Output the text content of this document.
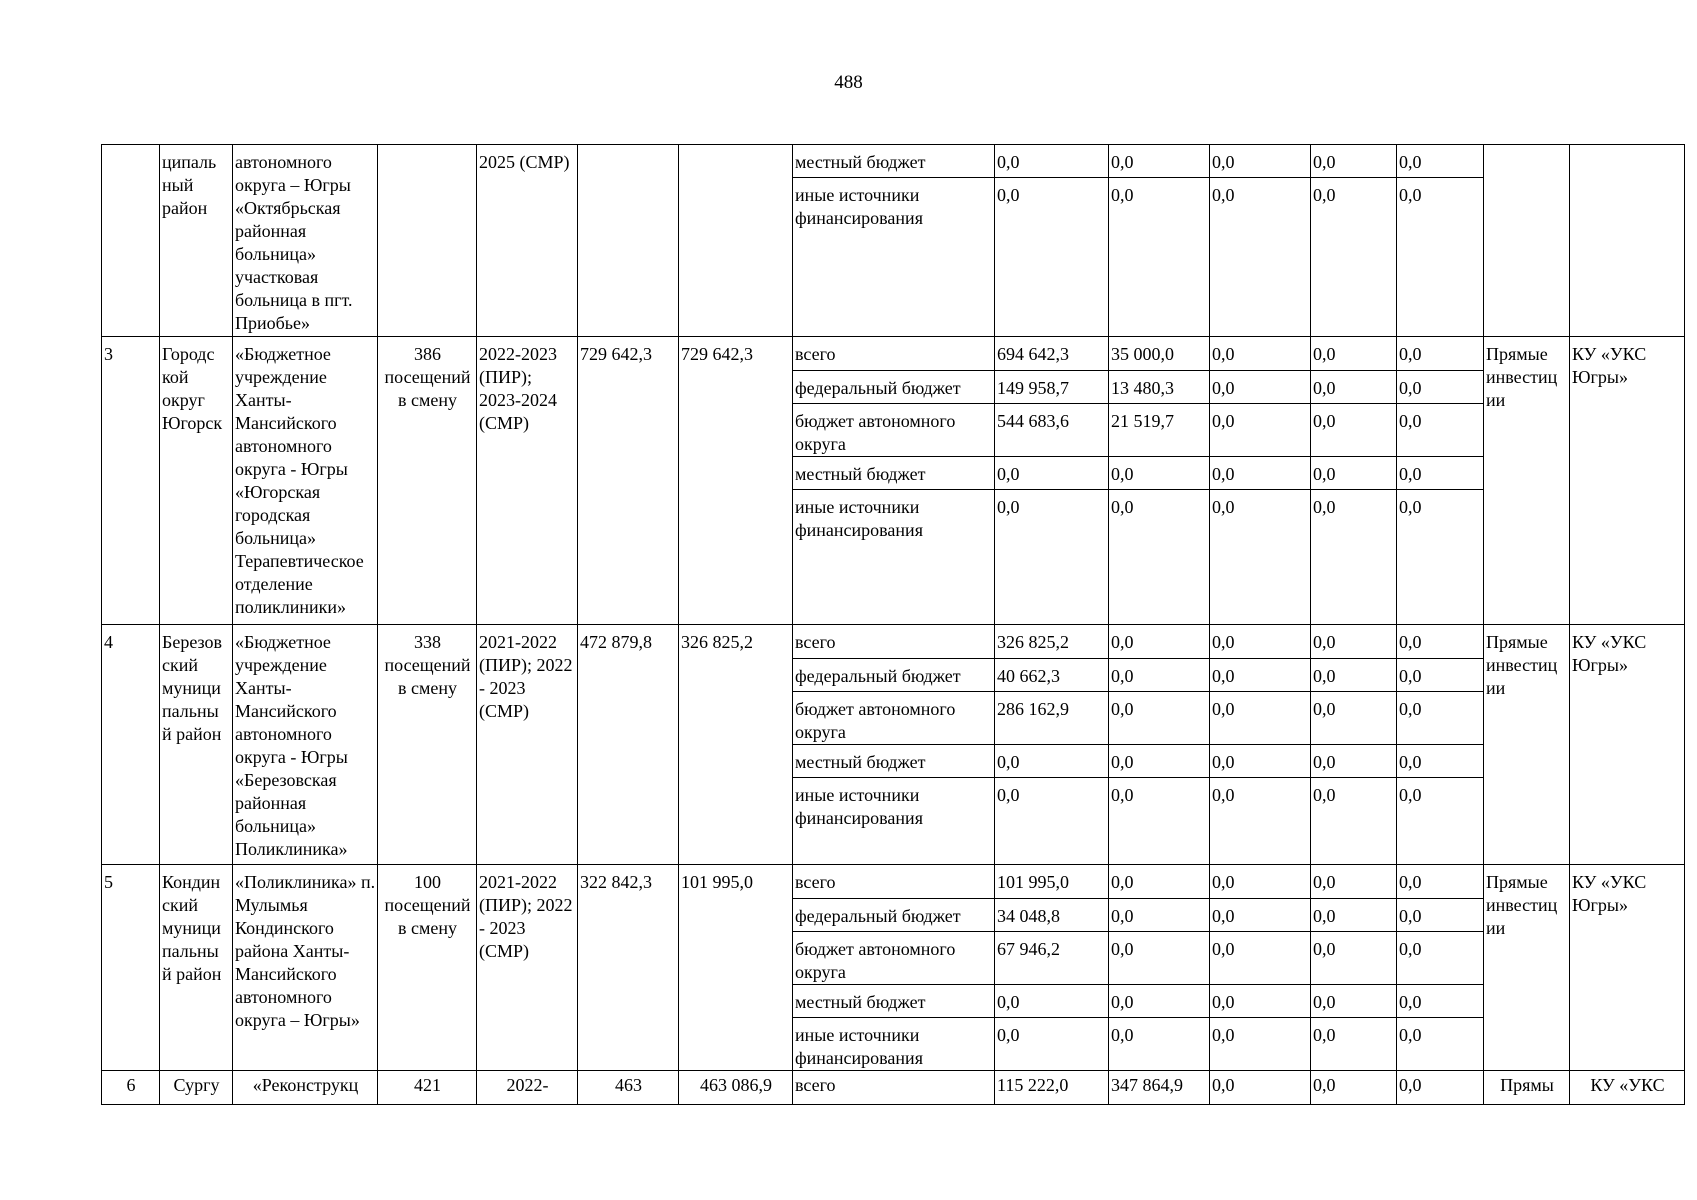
488
	ципаль ный район	автономного округа – Югры «Октябрьская районная больница» участковая больница в пгт. Приобье»		2025 (СМР)			местный бюджет	0,0	0,0	0,0	0,0	0,0		
							иные источники финансирования	0,0	0,0	0,0	0,0	0,0		
3	Городс кой округ Югорск	«Бюджетное учреждение Ханты-Мансийского автономного округа - Югры «Югорская городская больница» Терапевтическое отделение поликлиники»	386 посещений в смену	2022-2023 (ПИР); 2023-2024 (СМР)	729 642,3	729 642,3	всего	694 642,3	35 000,0	0,0	0,0	0,0	Прямые инвестиц ии	КУ «УКС Югры»
							федеральный бюджет	149 958,7	13 480,3	0,0	0,0	0,0		
							бюджет автономного округа	544 683,6	21 519,7	0,0	0,0	0,0		
							местный бюджет	0,0	0,0	0,0	0,0	0,0		
							иные источники финансирования	0,0	0,0	0,0	0,0	0,0		
4	Березов ский муници пальны й район	«Бюджетное учреждение Ханты-Мансийского автономного округа - Югры «Березовская районная больница» Поликлиника»	338 посещений в смену	2021-2022 (ПИР); 2022 - 2023 (СМР)	472 879,8	326 825,2	всего	326 825,2	0,0	0,0	0,0	0,0	Прямые инвестиц ии	КУ «УКС Югры»
							федеральный бюджет	40 662,3	0,0	0,0	0,0	0,0		
							бюджет автономного округа	286 162,9	0,0	0,0	0,0	0,0		
							местный бюджет	0,0	0,0	0,0	0,0	0,0		
							иные источники финансирования	0,0	0,0	0,0	0,0	0,0		
5	Кондин ский муници пальны й район	«Поликлиника» п. Мулымья Кондинского района Ханты-Мансийского автономного округа – Югры»	100 посещений в смену	2021-2022 (ПИР); 2022 - 2023 (СМР)	322 842,3	101 995,0	всего	101 995,0	0,0	0,0	0,0	0,0	Прямые инвестиц ии	КУ «УКС Югры»
							федеральный бюджет	34 048,8	0,0	0,0	0,0	0,0		
							бюджет автономного округа	67 946,2	0,0	0,0	0,0	0,0		
							местный бюджет	0,0	0,0	0,0	0,0	0,0		
							иные источники финансирования	0,0	0,0	0,0	0,0	0,0		
6	Сургу	«Реконструкц	421	2022-	463	463 086,9	всего	115 222,0	347 864,9	0,0	0,0	0,0	Прямы	КУ «УКС
